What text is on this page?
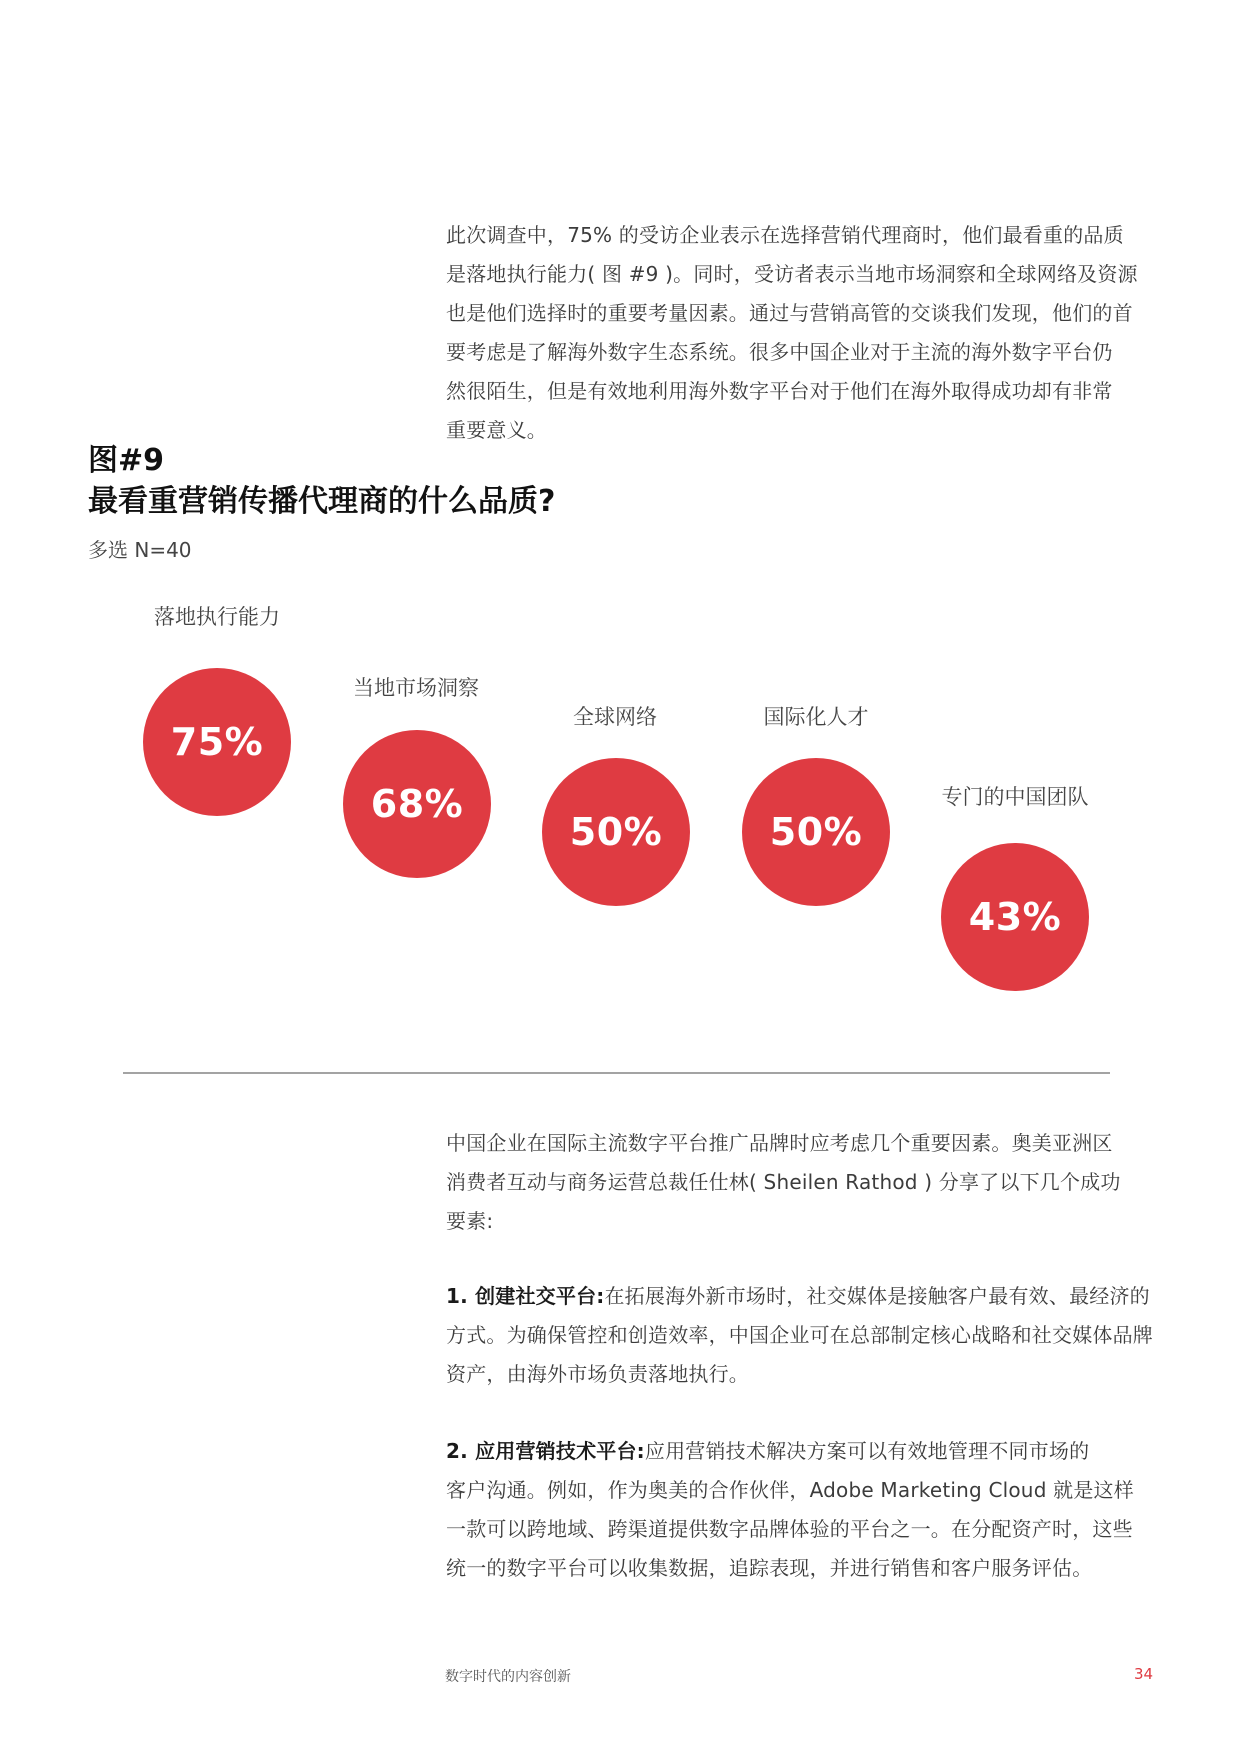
此次调查中，75% 的受访企业表示在选择营销代理商时，他们最看重的品质
是落地执行能力( 图 #9 )。同时，受访者表示当地市场洞察和全球网络及资源
也是他们选择时的重要考量因素。通过与营销高管的交谈我们发现，他们的首
要考虑是了解海外数字生态系统。很多中国企业对于主流的海外数字平台仍
然很陌生，但是有效地利用海外数字平台对于他们在海外取得成功却有非常
重要意义。
图#9
最看重营销传播代理商的什么品质?
多选 N=40
落地执行能力
75%
当地市场洞察
68%
全球网络
50%
国际化人才
50%
专门的中国团队
43%
中国企业在国际主流数字平台推广品牌时应考虑几个重要因素。奥美亚洲区
消费者互动与商务运营总裁任仕林( Sheilen Rathod ) 分享了以下几个成功
要素:
1. 创建社交平台:在拓展海外新市场时，社交媒体是接触客户最有效、最经济的
方式。为确保管控和创造效率，中国企业可在总部制定核心战略和社交媒体品牌
资产，由海外市场负责落地执行。
2. 应用营销技术平台:应用营销技术解决方案可以有效地管理不同市场的
客户沟通。例如，作为奥美的合作伙伴，Adobe Marketing Cloud 就是这样
一款可以跨地域、跨渠道提供数字品牌体验的平台之一。在分配资产时，这些
统一的数字平台可以收集数据，追踪表现，并进行销售和客户服务评估。
数字时代的内容创新	34
